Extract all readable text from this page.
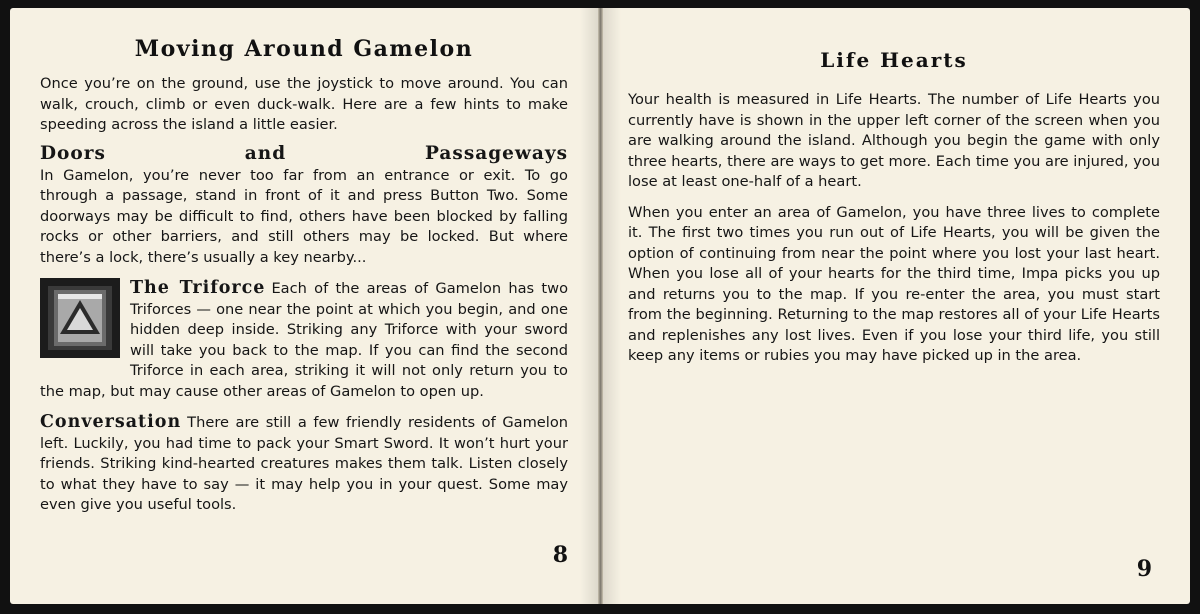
Moving Around Gamelon

Once you’re on the ground, use the joystick to move around. You can walk, crouch, climb or even duck-walk. Here are a few hints to make speeding across the island a little easier.

Doors and Passageways

In Gamelon, you’re never too far from an entrance or exit. To go through a passage, stand in front of it and press Button Two. Some doorways may be difficult to find, others have been blocked by falling rocks or other barriers, and still others may be locked. But where there’s a lock, there’s usually a key nearby...

The Triforce Each of the areas of Gamelon has two Triforces — one near the point at which you begin, and one hidden deep inside. Striking any Triforce with your sword will take you back to the map. If you can find the second Triforce in each area, striking it will not only return you to the map, but may cause other areas of Gamelon to open up.

Conversation There are still a few friendly residents of Gamelon left. Luckily, you had time to pack your Smart Sword. It won’t hurt your friends. Striking kind-hearted creatures makes them talk. Listen closely to what they have to say — it may help you in your quest. Some may even give you useful tools.

8
Life Hearts

Your health is measured in Life Hearts. The number of Life Hearts you currently have is shown in the upper left corner of the screen when you are walking around the island. Although you begin the game with only three hearts, there are ways to get more. Each time you are injured, you lose at least one-half of a heart.

When you enter an area of Gamelon, you have three lives to complete it. The first two times you run out of Life Hearts, you will be given the option of continuing from near the point where you lost your last heart. When you lose all of your hearts for the third time, Impa picks you up and returns you to the map. If you re-enter the area, you must start from the beginning. Returning to the map restores all of your Life Hearts and replenishes any lost lives. Even if you lose your third life, you still keep any items or rubies you may have picked up in the area.

9
